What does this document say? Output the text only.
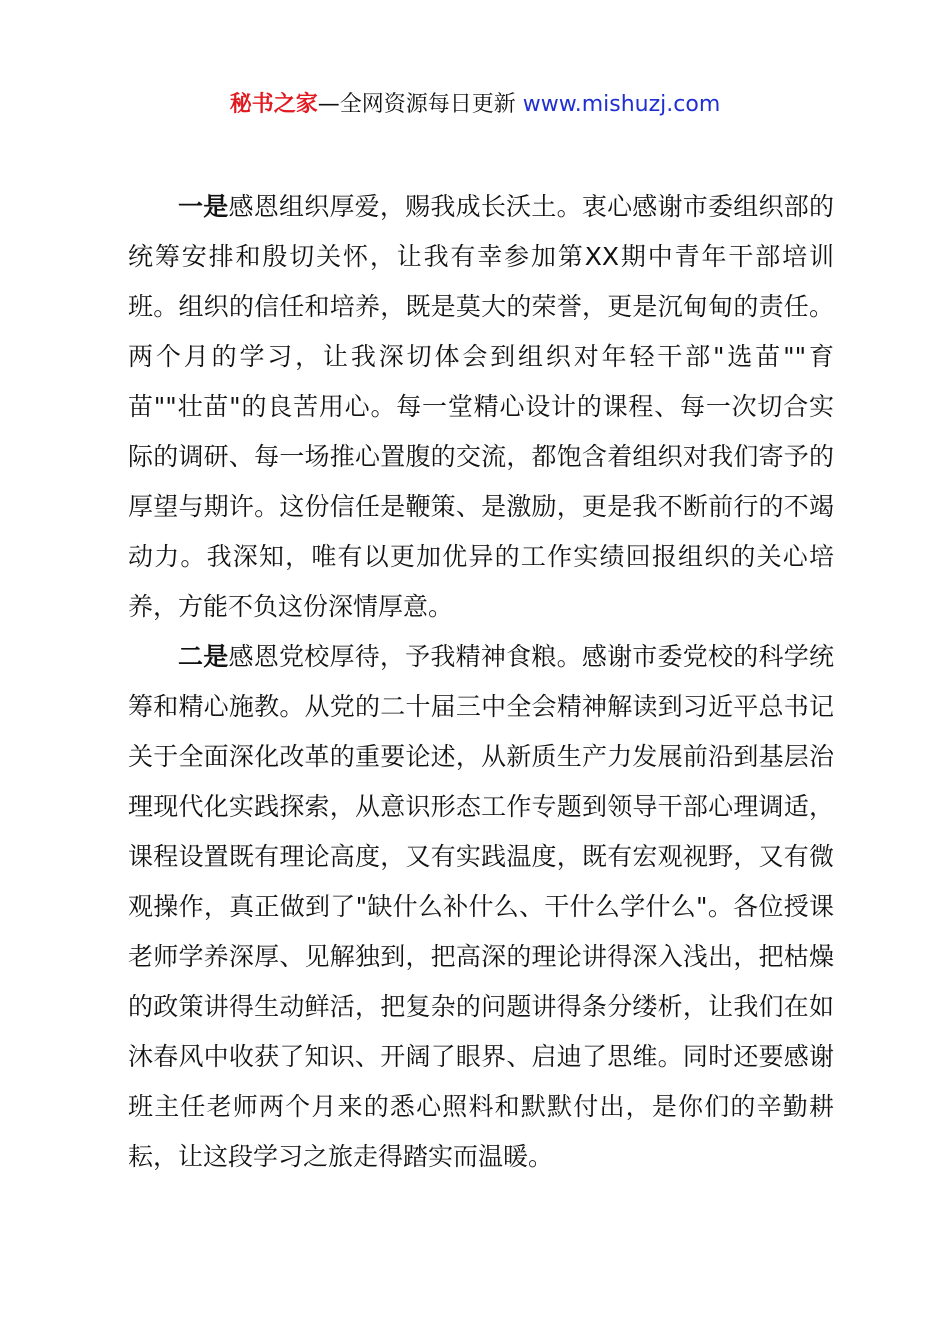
秘书之家—全网资源每日更新 www.mishuzj.com

一是感恩组织厚爱，赐我成长沃土。衷心感谢市委组织部的统筹安排和殷切关怀，让我有幸参加第XX期中青年干部培训班。组织的信任和培养，既是莫大的荣誉，更是沉甸甸的责任。两个月的学习，让我深切体会到组织对年轻干部"选苗""育苗""壮苗"的良苦用心。每一堂精心设计的课程、每一次切合实际的调研、每一场推心置腹的交流，都饱含着组织对我们寄予的厚望与期许。这份信任是鞭策、是激励，更是我不断前行的不竭动力。我深知，唯有以更加优异的工作实绩回报组织的关心培养，方能不负这份深情厚意。

二是感恩党校厚待，予我精神食粮。感谢市委党校的科学统筹和精心施教。从党的二十届三中全会精神解读到习近平总书记关于全面深化改革的重要论述，从新质生产力发展前沿到基层治理现代化实践探索，从意识形态工作专题到领导干部心理调适，课程设置既有理论高度，又有实践温度，既有宏观视野，又有微观操作，真正做到了"缺什么补什么、干什么学什么"。各位授课老师学养深厚、见解独到，把高深的理论讲得深入浅出，把枯燥的政策讲得生动鲜活，把复杂的问题讲得条分缕析，让我们在如沐春风中收获了知识、开阔了眼界、启迪了思维。同时还要感谢班主任老师两个月来的悉心照料和默默付出，是你们的辛勤耕耘，让这段学习之旅走得踏实而温暖。
